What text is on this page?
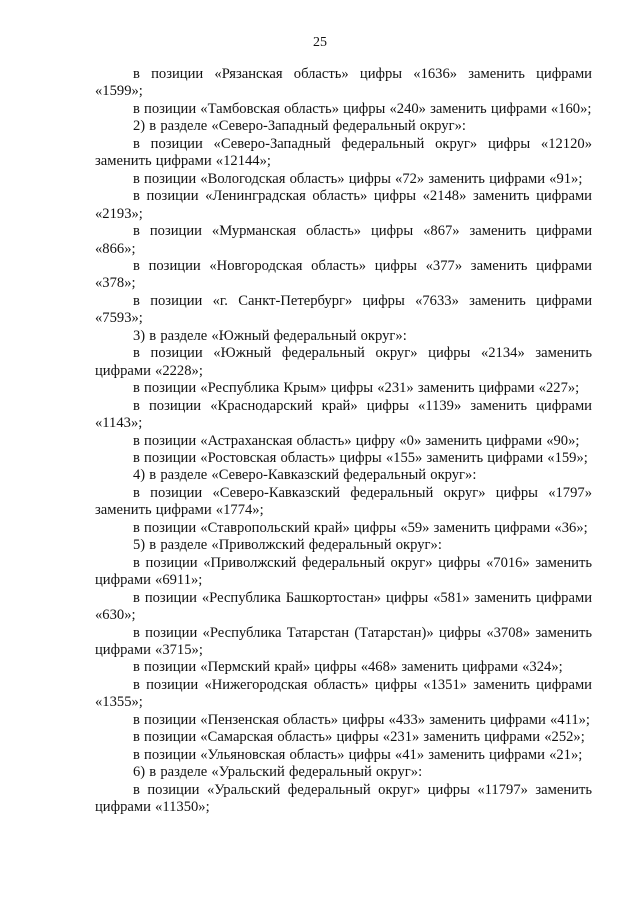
25

в позиции «Рязанская область» цифры «1636» заменить цифрами «1599»;

в позиции «Тамбовская область» цифры «240» заменить цифрами «160»;

2) в разделе «Северо-Западный федеральный округ»:

в позиции «Северо-Западный федеральный округ» цифры «12120» заменить цифрами «12144»;

в позиции «Вологодская область» цифры «72» заменить цифрами «91»;

в позиции «Ленинградская область» цифры «2148» заменить цифрами «2193»;

в позиции «Мурманская область» цифры «867» заменить цифрами «866»;

в позиции «Новгородская область» цифры «377» заменить цифрами «378»;

в позиции «г. Санкт-Петербург» цифры «7633» заменить цифрами «7593»;

3) в разделе «Южный федеральный округ»:

в позиции «Южный федеральный округ» цифры «2134» заменить цифрами «2228»;

в позиции «Республика Крым» цифры «231» заменить цифрами «227»;

в позиции «Краснодарский край» цифры «1139» заменить цифрами «1143»;

в позиции «Астраханская область» цифру «0» заменить цифрами «90»;

в позиции «Ростовская область» цифры «155» заменить цифрами «159»;

4) в разделе «Северо-Кавказский федеральный округ»:

в позиции «Северо-Кавказский федеральный округ» цифры «1797» заменить цифрами «1774»;

в позиции «Ставропольский край» цифры «59» заменить цифрами «36»;

5) в разделе «Приволжский федеральный округ»:

в позиции «Приволжский федеральный округ» цифры «7016» заменить цифрами «6911»;

в позиции «Республика Башкортостан» цифры «581» заменить цифрами «630»;

в позиции «Республика Татарстан (Татарстан)» цифры «3708» заменить цифрами «3715»;

в позиции «Пермский край» цифры «468» заменить цифрами «324»;

в позиции «Нижегородская область» цифры «1351» заменить цифрами «1355»;

в позиции «Пензенская область» цифры «433» заменить цифрами «411»;

в позиции «Самарская область» цифры «231» заменить цифрами «252»;

в позиции «Ульяновская область» цифры «41» заменить цифрами «21»;

6) в разделе «Уральский федеральный округ»:

в позиции «Уральский федеральный округ» цифры «11797» заменить цифрами «11350»;
